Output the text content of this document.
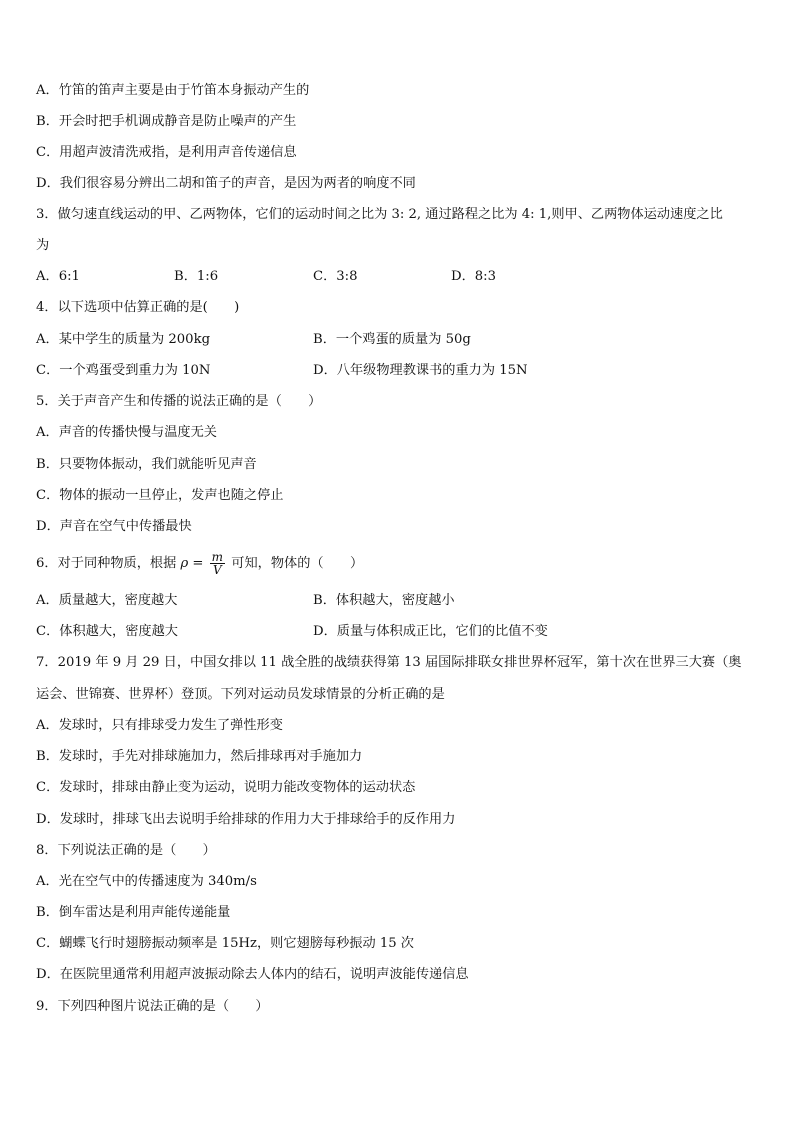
A．竹笛的笛声主要是由于竹笛本身振动产生的
B．开会时把手机调成静音是防止噪声的产生
C．用超声波清洗戒指，是利用声音传递信息
D．我们很容易分辨出二胡和笛子的声音，是因为两者的响度不同
3．做匀速直线运动的甲、乙两物体，它们的运动时间之比为 3: 2, 通过路程之比为 4: 1,则甲、乙两物体运动速度之比
为
A．6:1	B．1:6	C．3:8	D．8:3
4．以下选项中估算正确的是(　　)
A．某中学生的质量为 200kg	B．一个鸡蛋的质量为 50g
C．一个鸡蛋受到重力为 10N	D．八年级物理教课书的重力为 15N
5．关于声音产生和传播的说法正确的是（　　）
A．声音的传播快慢与温度无关
B．只要物体振动，我们就能听见声音
C．物体的振动一旦停止，发声也随之停止
D．声音在空气中传播最快
6．对于同种物质，根据 $\rho = \frac{m}{V}$ 可知，物体的（　　）
A．质量越大，密度越大	B．体积越大，密度越小
C．体积越大，密度越大	D．质量与体积成正比，它们的比值不变
7．2019 年 9 月 29 日，中国女排以 11 战全胜的战绩获得第 13 届国际排联女排世界杯冠军，第十次在世界三大赛（奥
运会、世锦赛、世界杯）登顶。下列对运动员发球情景的分析正确的是
A．发球时，只有排球受力发生了弹性形变
B．发球时，手先对排球施加力，然后排球再对手施加力
C．发球时，排球由静止变为运动，说明力能改变物体的运动状态
D．发球时，排球飞出去说明手给排球的作用力大于排球给手的反作用力
8．下列说法正确的是（　　）
A．光在空气中的传播速度为 340m/s
B．倒车雷达是利用声能传递能量
C．蝴蝶飞行时翅膀振动频率是 15Hz，则它翅膀每秒振动 15 次
D．在医院里通常利用超声波振动除去人体内的结石，说明声波能传递信息
9．下列四种图片说法正确的是（　　）
